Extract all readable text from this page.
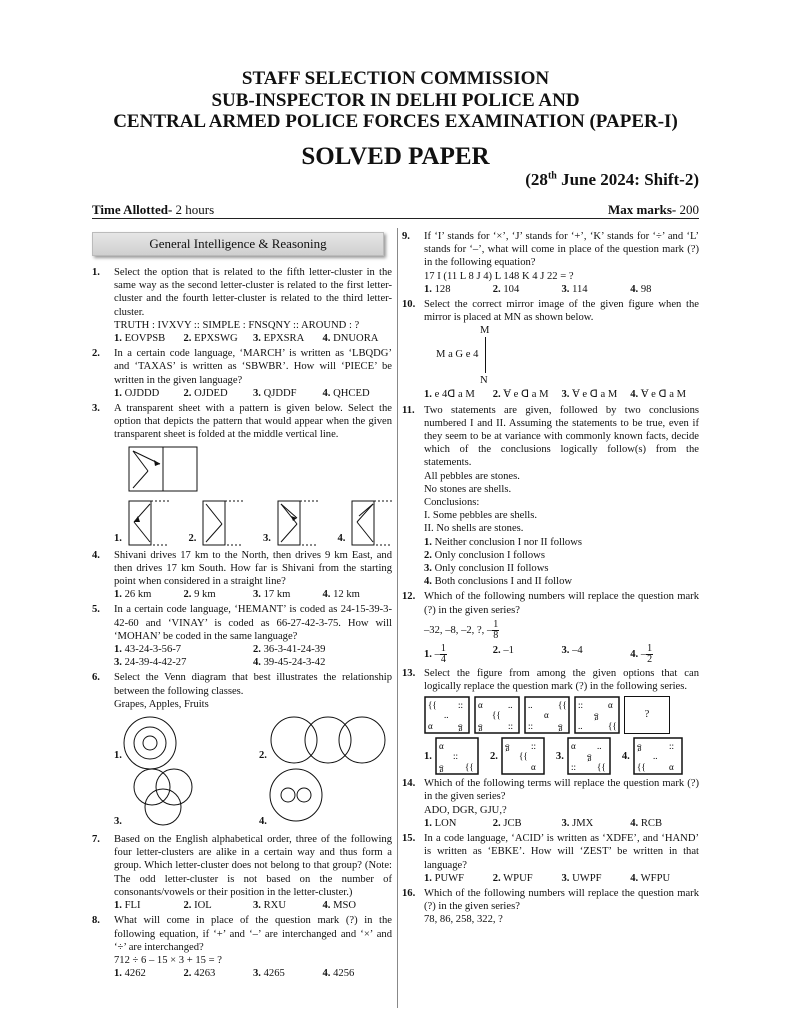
STAFF SELECTION COMMISSION
SUB-INSPECTOR IN DELHI POLICE AND
CENTRAL ARMED POLICE FORCES EXAMINATION (PAPER-I)
SOLVED PAPER
(28th June 2024: Shift-2)
Time Allotted- 2 hours	Max marks- 200
General Intelligence & Reasoning
1. Select the option that is related to the fifth letter-cluster in the same way as the second letter-cluster is related to the first letter-cluster and the fourth letter-cluster is related to the third letter-cluster.
TRUTH : IVXVY :: SIMPLE : FNSQNY :: AROUND : ?
1. EOVPSB	2. EPXSWG	3. EPXSRA	4. DNUORA
2. In a certain code language, ‘MARCH’ is written as ‘LBQDG’ and ‘TAXAS’ is written as ‘SBWBR’. How will ‘PIECE’ be written in the given language?
1. OJDDD	2. OJDED	3. QJDDF	4. QHCED
3. A transparent sheet with a pattern is given below. Select the option that depicts the pattern that would appear when the given transparent sheet is folded at the middle vertical line.
1.	2.	3.	4.
4. Shivani drives 17 km to the North, then drives 9 km East, and then drives 17 km South. How far is Shivani from the starting point when considered in a straight line?
1. 26 km	2. 9 km	3. 17 km	4. 12 km
5. In a certain code language, ‘HEMANT’ is coded as 24-15-39-3-42-60 and ‘VINAY’ is coded as 66-27-42-3-75. How will ‘MOHAN’ be coded in the same language?
1. 43-24-3-56-7	2. 36-3-41-24-39
3. 24-39-4-42-27	4. 39-45-24-3-42
6. Select the Venn diagram that best illustrates the relationship between the following classes.
Grapes, Apples, Fruits
1.	2.
3.	4.
7. Based on the English alphabetical order, three of the following four letter-clusters are alike in a certain way and thus form a group. Which letter-cluster does not belong to that group? (Note: The odd letter-cluster is not based on the number of consonants/vowels or their position in the letter-cluster.)
1. FLI	2. IOL	3. RXU	4. MSO
8. What will come in place of the question mark (?) in the following equation, if ‘+’ and ‘–’ are interchanged and ‘×’ and ‘÷’ are interchanged?
712 ÷ 6 – 15 × 3 + 15 = ?
1. 4262	2. 4263	3. 4265	4. 4256
9. If ‘I’ stands for ‘×’, ‘J’ stands for ‘+’, ‘K’ stands for ‘÷’ and ‘L’ stands for ‘–’, what will come in place of the question mark (?) in the following equation?
17 I (11 L 8 J 4) L 148 K 4 J 22 = ?
1. 128	2. 104	3. 114	4. 98
10. Select the correct mirror image of the given figure when the mirror is placed at MN as shown below.
M
M a G e 4
N
1. e 4ᗡ a M	2. Ɐ e ᗡ a M	3. Ɐ e ᗡ a M	4. Ɐ e ᗡ a M
11. Two statements are given, followed by two conclusions numbered I and II. Assuming the statements to be true, even if they seem to be at variance with commonly known facts, decide which of the conclusions logically follow(s) from the statements.
All pebbles are stones.
No stones are shells.
Conclusions:
I. Some pebbles are shells.
II. No shells are stones.
1. Neither conclusion I nor II follows
2. Only conclusion I follows
3. Only conclusion II follows
4. Both conclusions I and II follow
12. Which of the following numbers will replace the question mark (?) in the given series?
–32, –8, –2, ?, – $\frac{1}{8}$
1. – $\frac{1}{4}$	2. –1	3. –4	4. – $\frac{1}{2}$
13. Select the figure from among the given options that can logically replace the question mark (?) in the following series.
{{ ::
..
α	ᵷ
α	..
{{
ᵷ	::
..	{{
α
::	ᵷ
::	α
ᵷ
..	{{
?
1.
α
::
ᵷ {{
2.
ᵷ ::
{{
α
3.
α ..
ᵷ
:: {{
4.
ᵷ	::
..
{{	α
14. Which of the following terms will replace the question mark (?) in the given series?
ADO, DGR, GJU,?
1. LON	2. JCB	3. JMX	4. RCB
15. In a code language, ‘ACID’ is written as ‘XDFE’, and ‘HAND’ is written as ‘EBKE’. How will ‘ZEST’ be written in that language?
1. PUWF	2. WPUF	3. UWPF	4. WFPU
16. Which of the following numbers will replace the question mark (?) in the given series?
78, 86, 258, 322, ?
